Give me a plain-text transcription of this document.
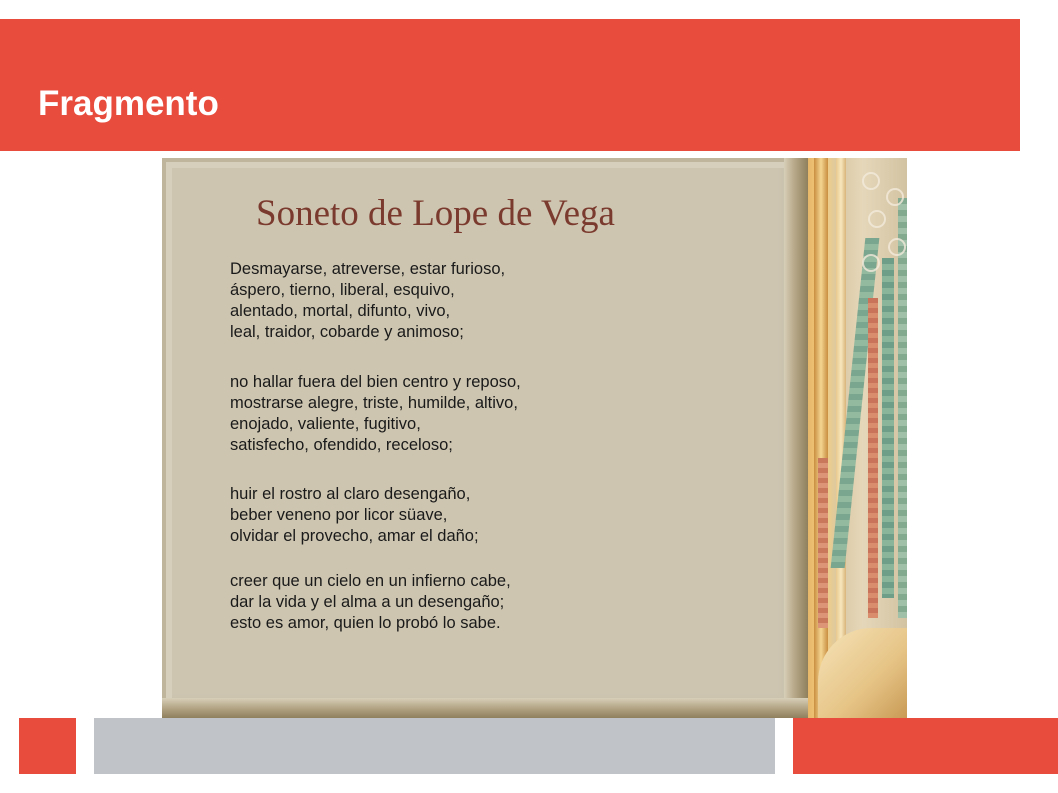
Fragmento
Soneto de Lope de Vega
Desmayarse, atreverse, estar furioso,
áspero, tierno, liberal, esquivo,
alentado, mortal, difunto, vivo,
leal, traidor, cobarde y animoso;
no hallar fuera del bien centro y reposo,
mostrarse alegre, triste, humilde, altivo,
enojado, valiente, fugitivo,
satisfecho, ofendido, receloso;
huir el rostro al claro desengaño,
beber veneno por licor süave,
olvidar el provecho, amar el daño;
creer que un cielo en un infierno cabe,
dar la vida y el alma a un desengaño;
esto es amor, quien lo probó lo sabe.
